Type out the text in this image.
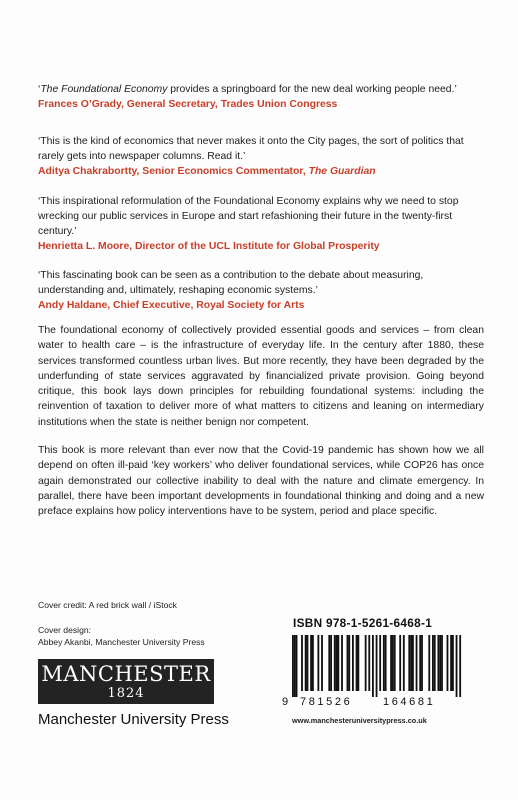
‘The Foundational Economy provides a springboard for the new deal working people need.’

Frances O’Grady, General Secretary, Trades Union Congress

‘This is the kind of economics that never makes it onto the City pages, the sort of politics that rarely gets into newspaper columns. Read it.’

Aditya Chakrabortty, Senior Economics Commentator, The Guardian

‘This inspirational reformulation of the Foundational Economy explains why we need to stop wrecking our public services in Europe and start refashioning their future in the twenty-first century.’

Henrietta L. Moore, Director of the UCL Institute for Global Prosperity

‘This fascinating book can be seen as a contribution to the debate about measuring, understanding and, ultimately, reshaping economic systems.’

Andy Haldane, Chief Executive, Royal Society for Arts

The foundational economy of collectively provided essential goods and services – from clean water to health care – is the infrastructure of everyday life. In the century after 1880, these services transformed countless urban lives. But more recently, they have been degraded by the underfunding of state services aggravated by financialized private provision. Going beyond critique, this book lays down principles for rebuilding foundational systems: including the reinvention of taxation to deliver more of what matters to citizens and leaning on intermediary institutions when the state is neither benign nor competent.

This book is more relevant than ever now that the Covid-19 pandemic has shown how we all depend on often ill-paid ‘key workers’ who deliver foundational services, while COP26 has once again demonstrated our collective inability to deal with the nature and climate emergency. In parallel, there have been important developments in foundational thinking and doing and a new preface explains how policy interventions have to be system, period and place specific.

Cover credit: A red brick wall / iStock
Cover design:
Abbey Akanbi, Manchester University Press
MANCHESTER
1824
Manchester University Press
ISBN 978-1-5261-6468-1
9 781526	164681
www.manchesteruniversitypress.co.uk
